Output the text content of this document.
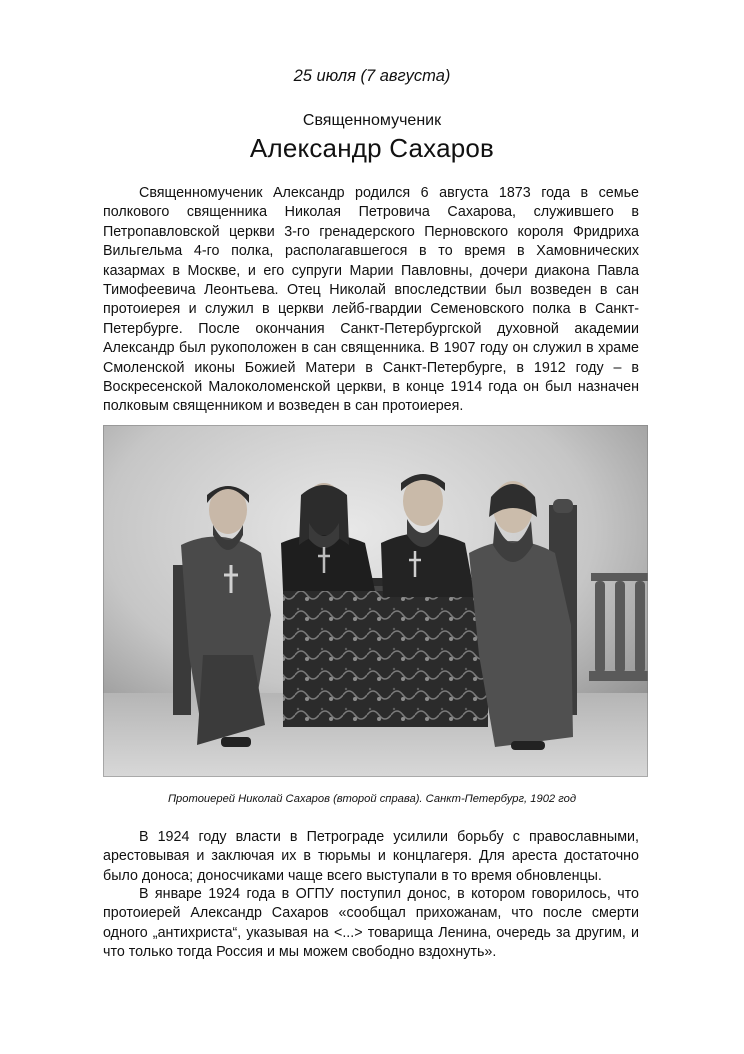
25 июля (7 августа)
Священномученик
Александр Сахаров

Священномученик Александр родился 6 августа 1873 года в семье полкового священника Николая Петровича Сахарова, служившего в Петропавловской церкви 3-го гренадерского Перновского короля Фридриха Вильгельма 4-го полка, располагавшегося в то время в Хамовнических казармах в Москве, и его супруги Марии Павловны, дочери диакона Павла Тимофеевича Леонтьева. Отец Николай впоследствии был возведен в сан протоиерея и служил в церкви лейб-гвардии Семеновского полка в Санкт-Петербурге. После окончания Санкт-Петербургской духовной академии Александр был рукоположен в сан священника. В 1907 году он служил в храме Смоленской иконы Божией Матери в Санкт-Петербурге, в 1912 году – в Воскресенской Малоколоменской церкви, в конце 1914 года он был назначен полковым священником и возведен в сан протоиерея.

Протоиерей Николай Сахаров (второй справа). Санкт-Петербург, 1902 год

В 1924 году власти в Петрограде усилили борьбу с православными, арестовывая и заключая их в тюрьмы и концлагеря. Для ареста достаточно было доноса; доносчиками чаще всего выступали в то время обновленцы.

В январе 1924 года в ОГПУ поступил донос, в котором говорилось, что протоиерей Александр Сахаров «сообщал прихожанам, что после смерти одного „антихриста“, указывая на <...> товарища Ленина, очередь за другим, и что только тогда Россия и мы можем свободно вздохнуть».
